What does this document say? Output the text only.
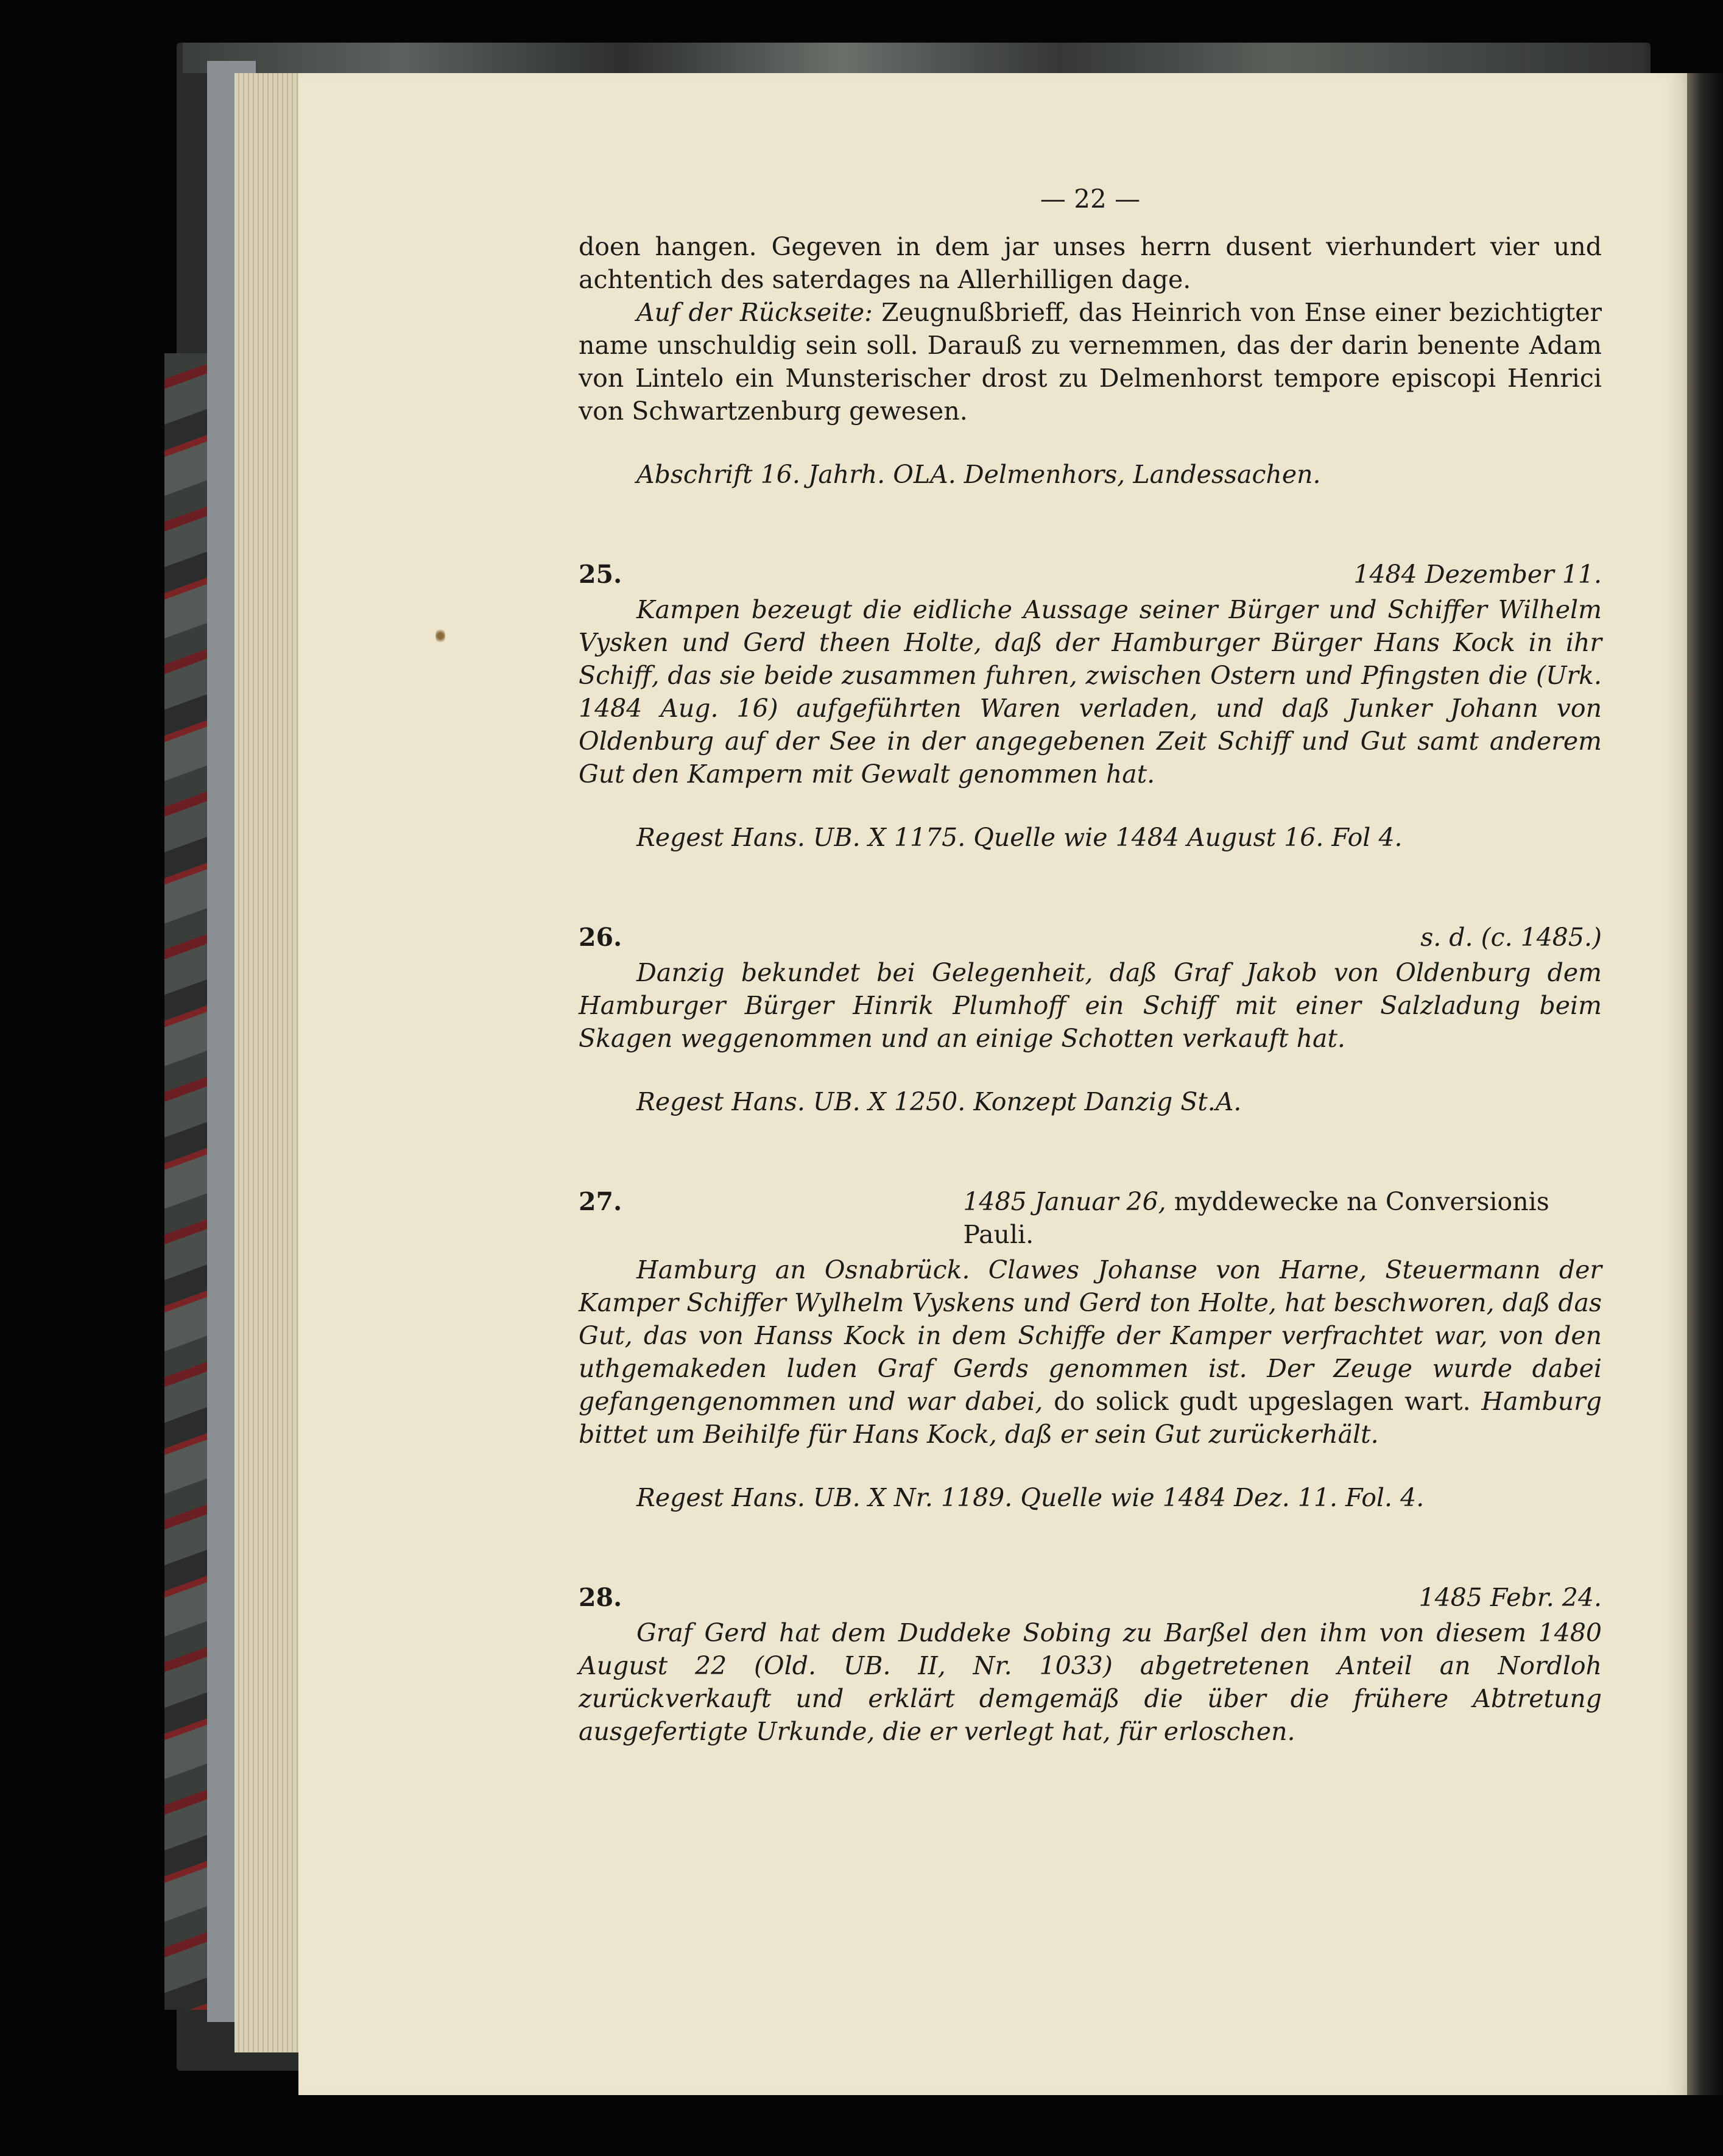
— 22 —

doen hangen. Gegeven in dem jar unses herrn dusent vierhundert vier und achtentich des saterdages na Allerhilligen dage.

Auf der Rückseite: Zeugnußbrieff, das Heinrich von Ense einer bezichtigter name unschuldig sein soll. Darauß zu vernemmen, das der darin benente Adam von Lintelo ein Munsterischer drost zu Delmenhorst tempore episcopi Henrici von Schwartzenburg gewesen.

Abschrift 16. Jahrh. OLA. Delmenhors, Landessachen.

25.	1484 Dezember 11.

Kampen bezeugt die eidliche Aussage seiner Bürger und Schiffer Wilhelm Vysken und Gerd theen Holte, daß der Hamburger Bürger Hans Kock in ihr Schiff, das sie beide zusammen fuhren, zwischen Ostern und Pfingsten die (Urk. 1484 Aug. 16) aufgeführten Waren verladen, und daß Junker Johann von Oldenburg auf der See in der angegebenen Zeit Schiff und Gut samt anderem Gut den Kampern mit Gewalt genommen hat.

Regest Hans. UB. X 1175. Quelle wie 1484 August 16. Fol 4.

26.	s. d. (c. 1485.)

Danzig bekundet bei Gelegenheit, daß Graf Jakob von Oldenburg dem Hamburger Bürger Hinrik Plumhoff ein Schiff mit einer Salzladung beim Skagen weggenommen und an einige Schotten verkauft hat.

Regest Hans. UB. X 1250. Konzept Danzig St.A.

27.	1485 Januar 26, myddewecke na Conversionis Pauli.

Hamburg an Osnabrück. Clawes Johanse von Harne, Steuermann der Kamper Schiffer Wylhelm Vyskens und Gerd ton Holte, hat beschworen, daß das Gut, das von Hanss Kock in dem Schiffe der Kamper verfrachtet war, von den uthgemakeden luden Graf Gerds genommen ist. Der Zeuge wurde dabei gefangengenommen und war dabei, do solick gudt upgeslagen wart. Hamburg bittet um Beihilfe für Hans Kock, daß er sein Gut zurückerhält.

Regest Hans. UB. X Nr. 1189. Quelle wie 1484 Dez. 11. Fol. 4.

28.	1485 Febr. 24.

Graf Gerd hat dem Duddeke Sobing zu Barßel den ihm von diesem 1480 August 22 (Old. UB. II, Nr. 1033) abgetretenen Anteil an Nordloh zurückverkauft und erklärt demgemäß die über die frühere Abtretung ausgefertigte Urkunde, die er verlegt hat, für erloschen.
